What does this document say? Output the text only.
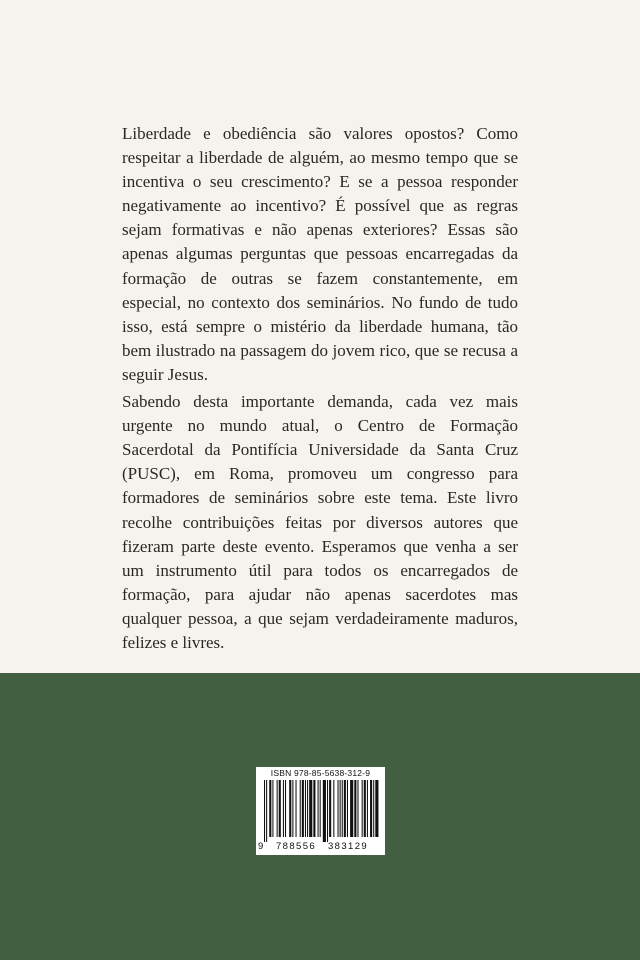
Liberdade e obediência são valores opostos? Como respeitar a liberdade de alguém, ao mesmo tempo que se incentiva o seu crescimento? E se a pessoa responder negativamente ao incentivo? É possível que as regras sejam formativas e não apenas exteriores? Essas são apenas algumas perguntas que pessoas encarregadas da formação de outras se fazem constantemente, em especial, no contexto dos seminários. No fundo de tudo isso, está sempre o mistério da liberdade humana, tão bem ilustrado na passagem do jovem rico, que se recusa a seguir Jesus.

Sabendo desta importante demanda, cada vez mais urgente no mundo atual, o Centro de Formação Sacerdotal da Pontifícia Universidade da Santa Cruz (PUSC), em Roma, promoveu um congresso para formadores de seminários sobre este tema. Este livro recolhe contribuições feitas por diversos autores que fizeram parte deste evento. Esperamos que venha a ser um instrumento útil para todos os encarregados de formação, para ajudar não apenas sacerdotes mas qualquer pessoa, a que sejam verdadeiramente maduros, felizes e livres.

ISBN 978-85-5638-312-9
9 788556 383129
